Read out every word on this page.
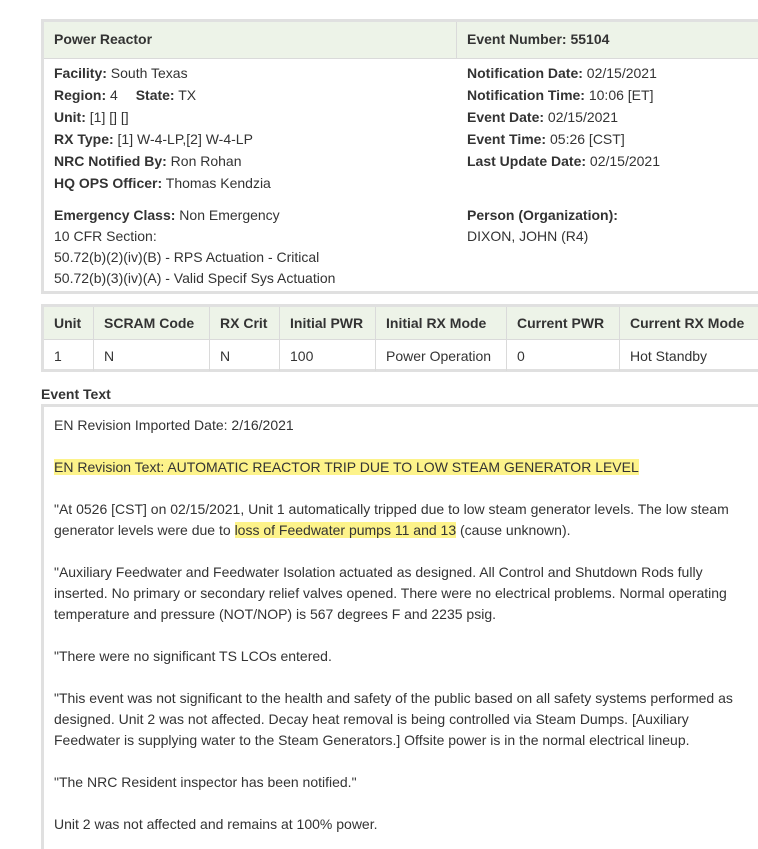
Power Reactor	Event Number: 55104
Facility: South Texas
Region: 4 State: TX
Unit: [1] [] []
RX Type: [1] W-4-LP,[2] W-4-LP
NRC Notified By: Ron Rohan
HQ OPS Officer: Thomas Kendzia
Emergency Class: Non Emergency
10 CFR Section:
50.72(b)(2)(iv)(B) - RPS Actuation - Critical
50.72(b)(3)(iv)(A) - Valid Specif Sys Actuation
Notification Date: 02/15/2021
Notification Time: 10:06 [ET]
Event Date: 02/15/2021
Event Time: 05:26 [CST]
Last Update Date: 02/15/2021
Person (Organization):
DIXON, JOHN (R4)
Unit	SCRAM Code	RX Crit	Initial PWR	Initial RX Mode	Current PWR	Current RX Mode
1	N	N	100	Power Operation	0	Hot Standby
Event Text
EN Revision Imported Date: 2/16/2021
EN Revision Text: AUTOMATIC REACTOR TRIP DUE TO LOW STEAM GENERATOR LEVEL
"At 0526 [CST] on 02/15/2021, Unit 1 automatically tripped due to low steam generator levels. The low steam generator levels were due to loss of Feedwater pumps 11 and 13 (cause unknown).
"Auxiliary Feedwater and Feedwater Isolation actuated as designed. All Control and Shutdown Rods fully inserted. No primary or secondary relief valves opened. There were no electrical problems. Normal operating temperature and pressure (NOT/NOP) is 567 degrees F and 2235 psig.
"There were no significant TS LCOs entered.
"This event was not significant to the health and safety of the public based on all safety systems performed as designed. Unit 2 was not affected. Decay heat removal is being controlled via Steam Dumps. [Auxiliary Feedwater is supplying water to the Steam Generators.] Offsite power is in the normal electrical lineup.
"The NRC Resident inspector has been notified."
Unit 2 was not affected and remains at 100% power.
